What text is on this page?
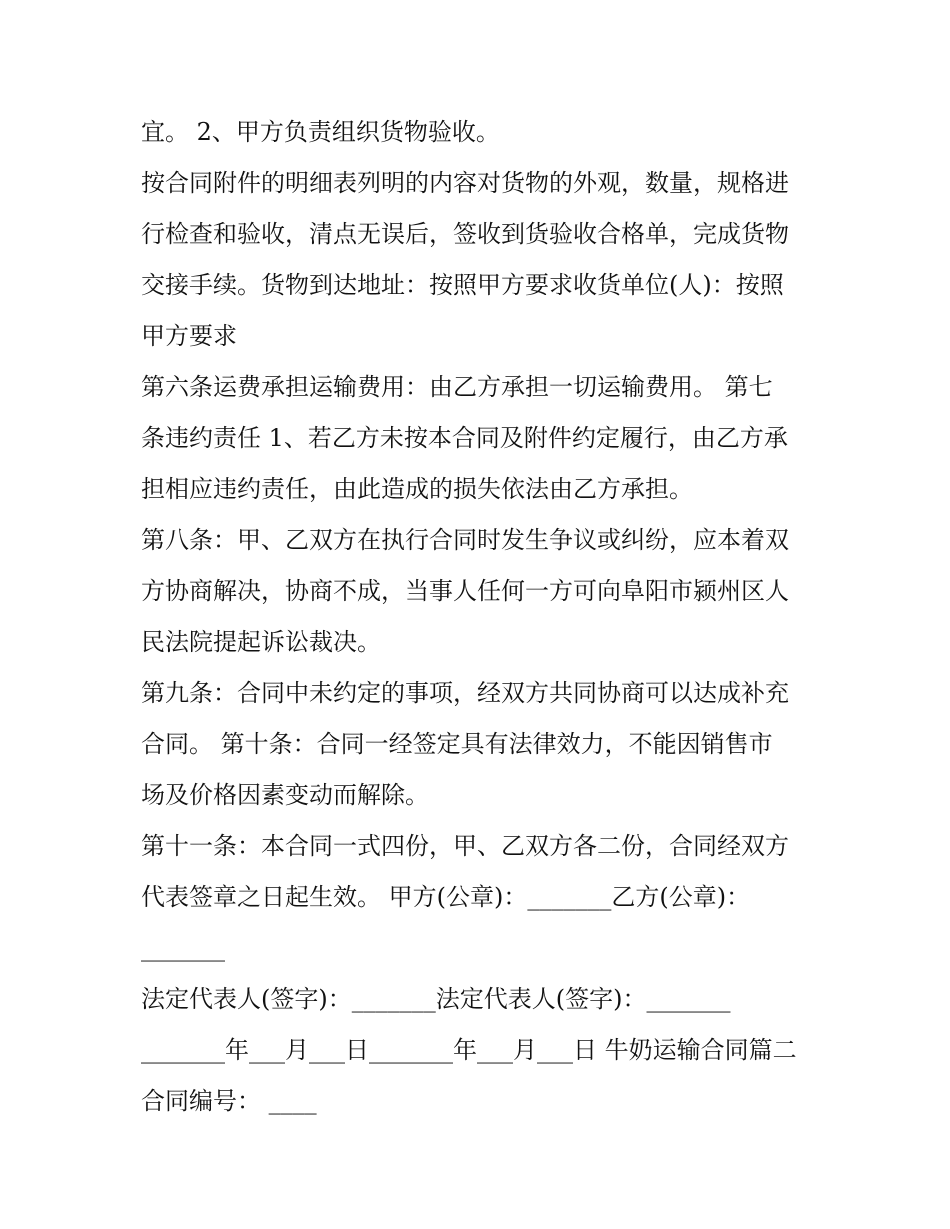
宜。 2、甲方负责组织货物验收。
按合同附件的明细表列明的内容对货物的外观，数量，规格进
行检查和验收，清点无误后，签收到货验收合格单，完成货物
交接手续。货物到达地址：按照甲方要求收货单位(人)：按照
甲方要求
第六条运费承担运输费用：由乙方承担一切运输费用。 第七
条违约责任 1、若乙方未按本合同及附件约定履行，由乙方承
担相应违约责任，由此造成的损失依法由乙方承担。
第八条：甲、乙双方在执行合同时发生争议或纠纷，应本着双
方协商解决，协商不成，当事人任何一方可向阜阳市颍州区人
民法院提起诉讼裁决。
第九条：合同中未约定的事项，经双方共同协商可以达成补充
合同。 第十条：合同一经签定具有法律效力，不能因销售市
场及价格因素变动而解除。
第十一条：本合同一式四份，甲、乙双方各二份，合同经双方
代表签章之日起生效。 甲方(公章)：_______乙方(公章)：
_______
法定代表人(签字)：_______法定代表人(签字)：_______
_______年___月___日_______年___月___日 牛奶运输合同篇二
合同编号： ____
